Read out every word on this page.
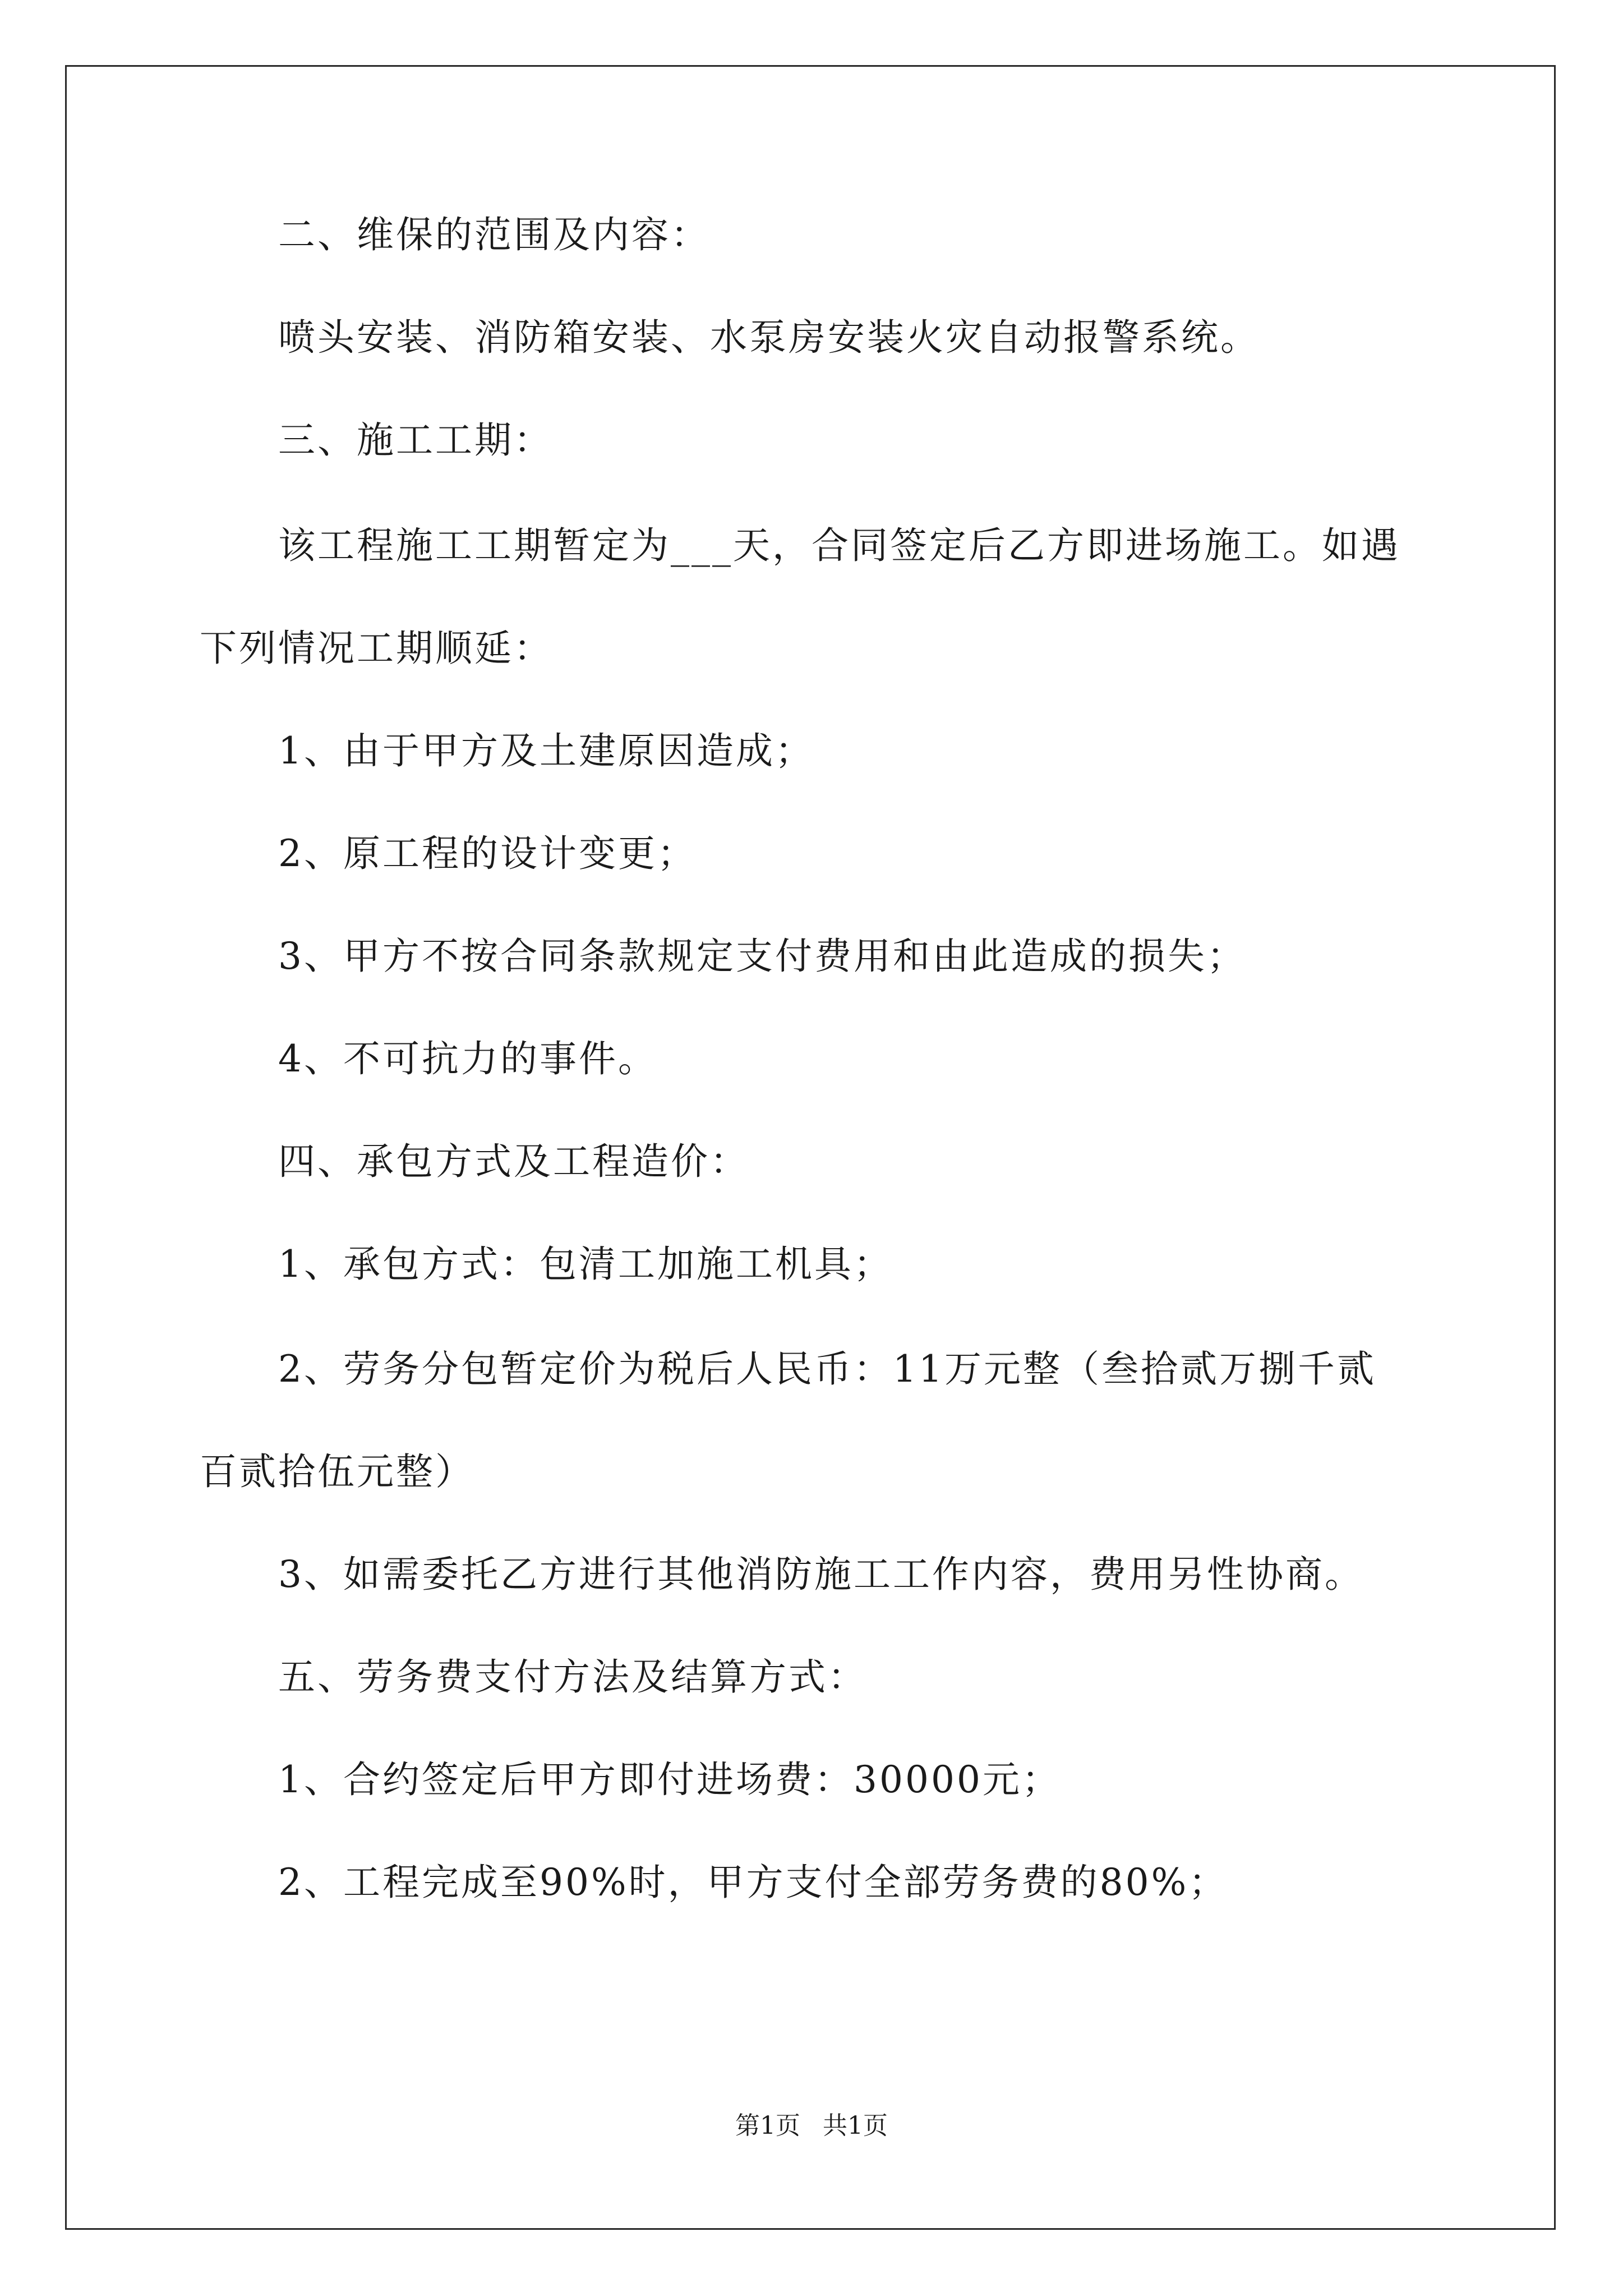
二、维保的范围及内容：
喷头安装、消防箱安装、水泵房安装火灾自动报警系统。
三、施工工期：
该工程施工工期暂定为___天，合同签定后乙方即进场施工。如遇
下列情况工期顺延：
1、由于甲方及土建原因造成；
2、原工程的设计变更；
3、甲方不按合同条款规定支付费用和由此造成的损失；
4、不可抗力的事件。
四、承包方式及工程造价：
1、承包方式：包清工加施工机具；
2、劳务分包暂定价为税后人民币：11万元整（叁拾贰万捌千贰
百贰拾伍元整）
3、如需委托乙方进行其他消防施工工作内容，费用另性协商。
五、劳务费支付方法及结算方式：
1、合约签定后甲方即付进场费：30000元；
2、工程完成至90%时，甲方支付全部劳务费的80%；
第1页 共1页
